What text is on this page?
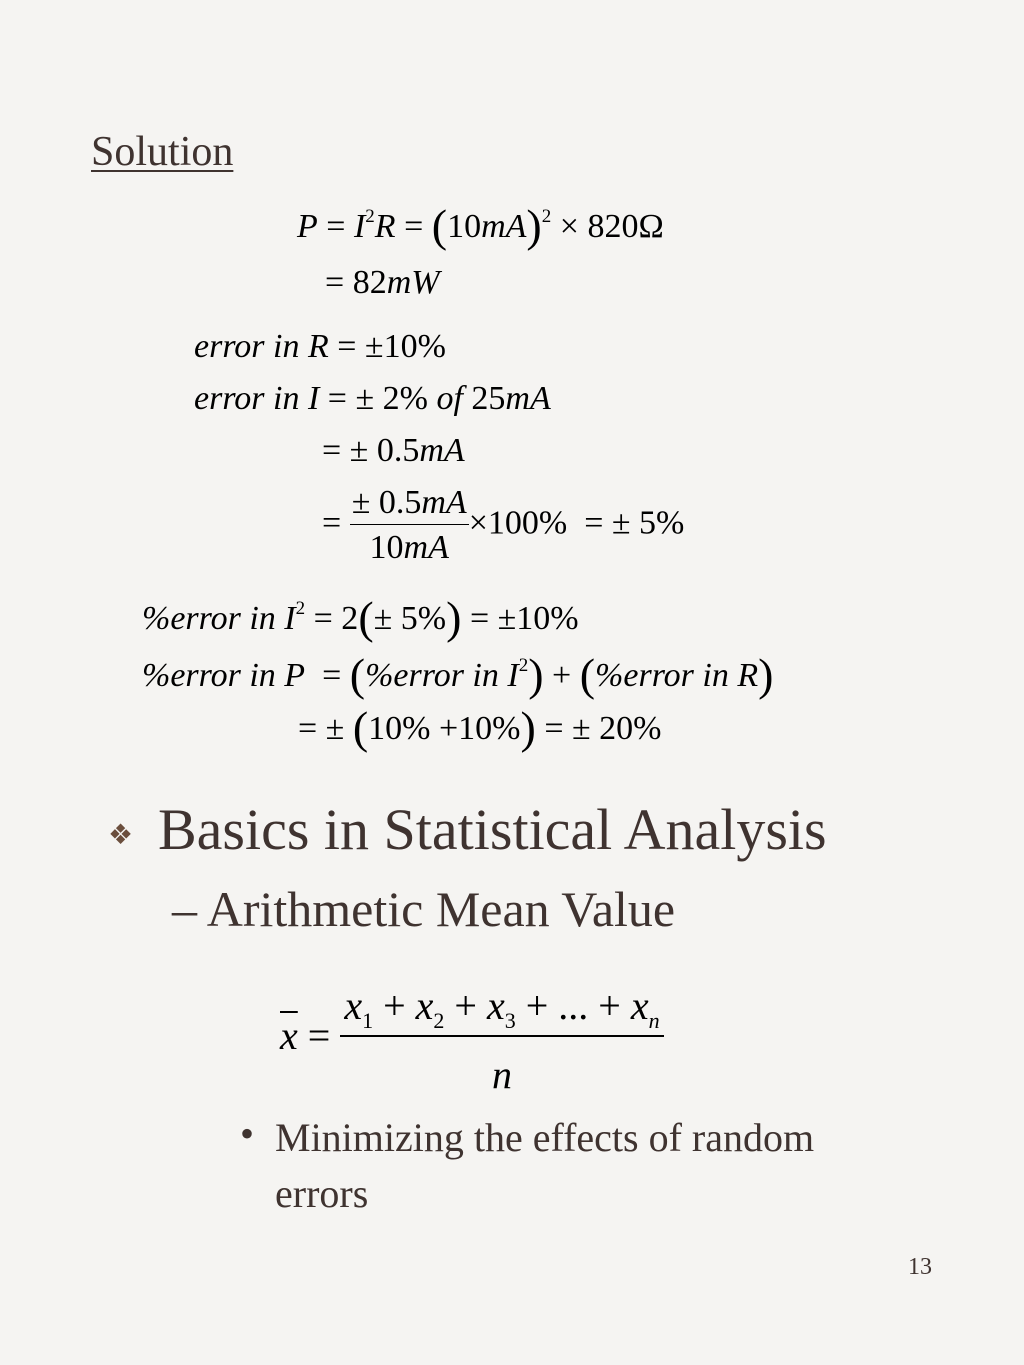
Solution
$P = I^2R = (10mA)^2 \times 820\Omega$
= 82mW
error in R = ±10%
error in I = ± 2% of 25mA
= ± 0.5mA
= $\frac{\pm 0.5mA}{10mA} \times 100\%$  = ± 5%
%error in $I^2 = 2(\pm 5\%) = \pm 10\%$
%error in P  = (%error in $I^2$) + (%error in R)
= ± (10% +10%) = ± 20%
❖ Basics in Statistical Analysis
– Arithmetic Mean Value
$\overline{x} = \frac{x_1 + x_2 + x_3 + ... + x_n}{n}$
• Minimizing the effects of random errors
13
